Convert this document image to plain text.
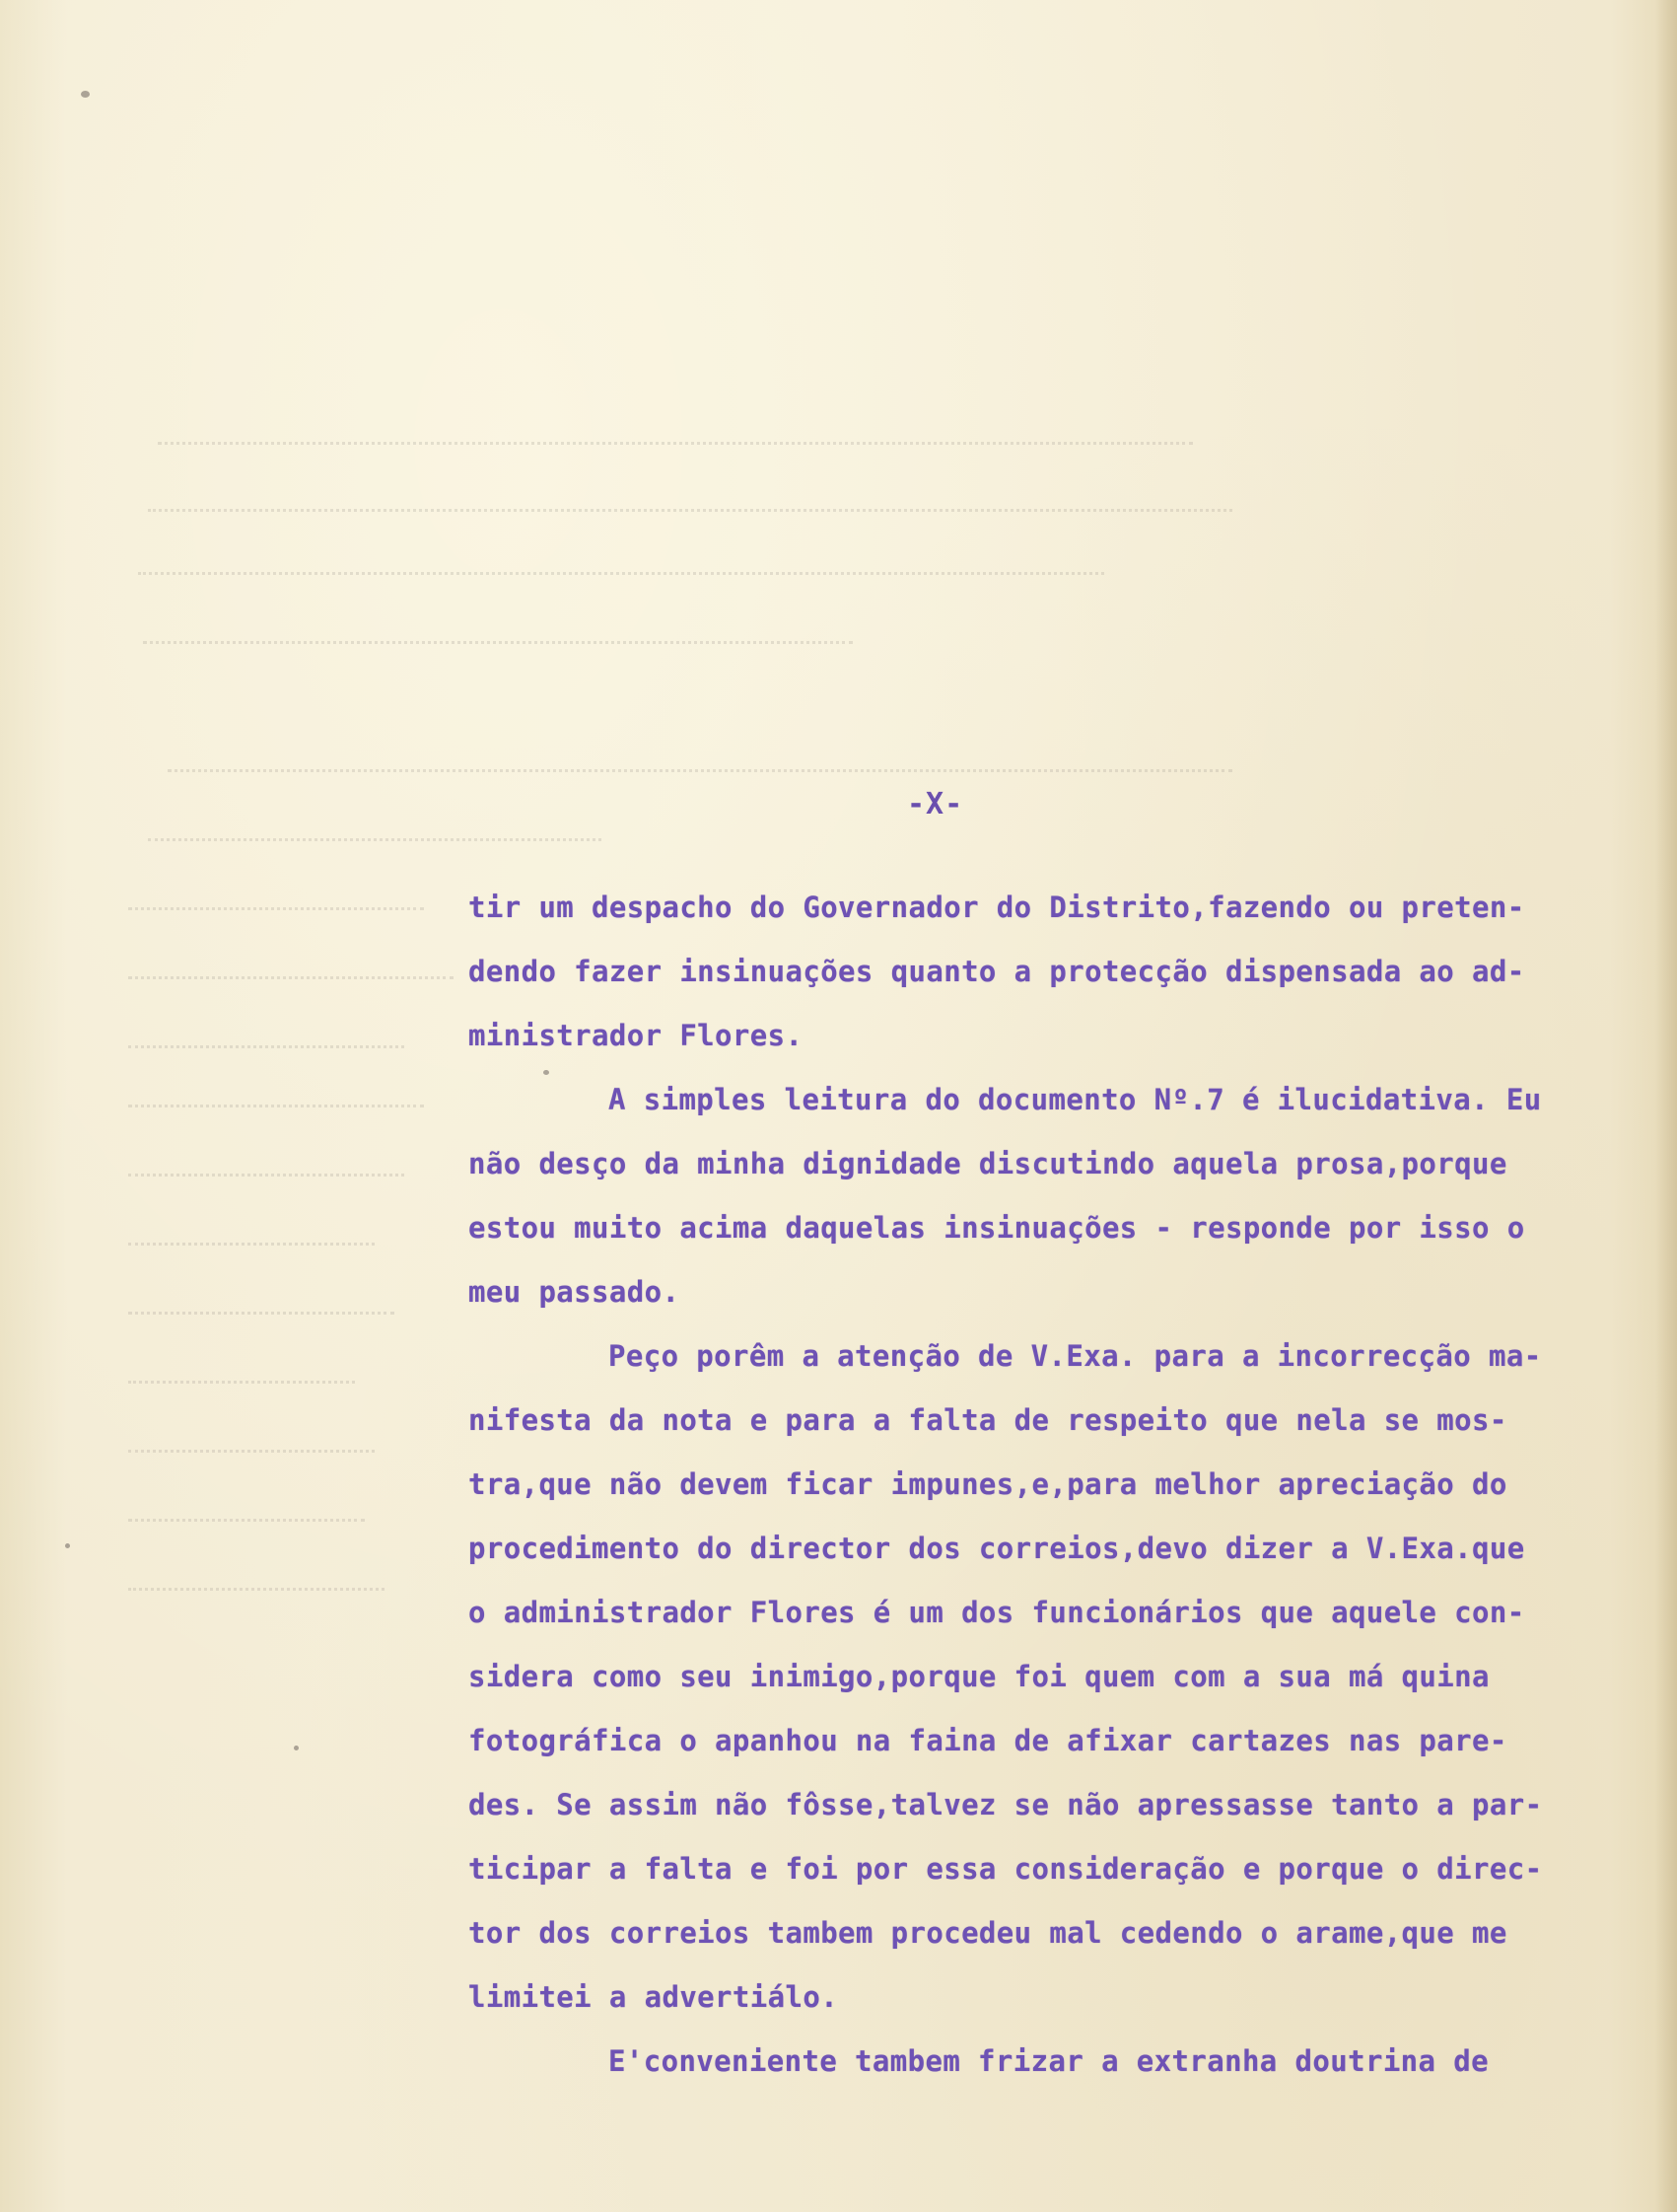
-X-
tir um despacho do Governador do Distrito,fazendo ou preten-
dendo fazer insinuações quanto a protecção dispensada ao ad-
ministrador Flores.
A simples leitura do documento Nº.7 é ilucidativa. Eu
não desço da minha dignidade discutindo aquela prosa,porque
estou muito acima daquelas insinuações - responde por isso o
meu passado.
Peço porêm a atenção de V.Exa. para a incorrecção ma-
nifesta da nota e para a falta de respeito que nela se mos-
tra,que não devem ficar impunes,e,para melhor apreciação do
procedimento do director dos correios,devo dizer a V.Exa.que
o administrador Flores é um dos funcionários que aquele con-
sidera como seu inimigo,porque foi quem com a sua má quina
fotográfica o apanhou na faina de afixar cartazes nas pare-
des. Se assim não fôsse,talvez se não apressasse tanto a par-
ticipar a falta e foi por essa consideração e porque o direc-
tor dos correios tambem procedeu mal cedendo o arame,que me
limitei a advertiálo.
E'conveniente tambem frizar a extranha doutrina de
